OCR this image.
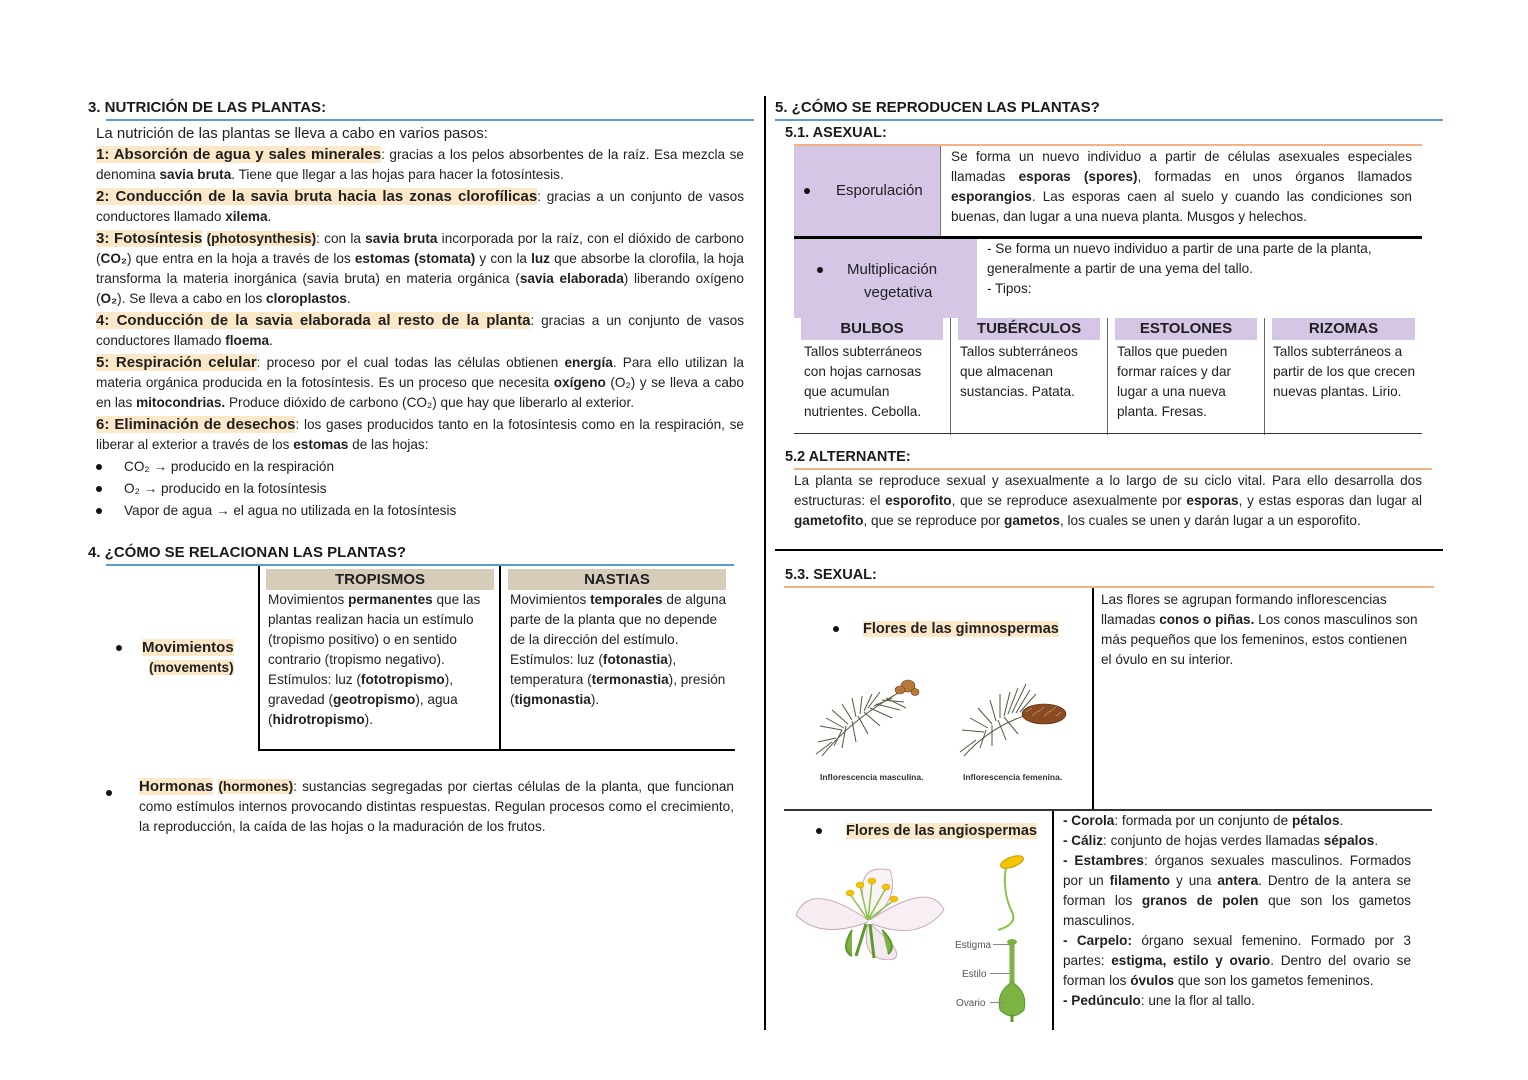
3. NUTRICIÓN DE LAS PLANTAS:
La nutrición de las plantas se lleva a cabo en varios pasos:
1: Absorción de agua y sales minerales: gracias a los pelos absorbentes de la raíz. Esa mezcla se denomina savia bruta. Tiene que llegar a las hojas para hacer la fotosíntesis.
2: Conducción de la savia bruta hacia las zonas clorofílicas: gracias a un conjunto de vasos conductores llamado xilema.
3: Fotosíntesis (photosynthesis): con la savia bruta incorporada por la raíz, con el dióxido de carbono (CO₂) que entra en la hoja a través de los estomas (stomata) y con la luz que absorbe la clorofila, la hoja transforma la materia inorgánica (savia bruta) en materia orgánica (savia elaborada) liberando oxígeno (O₂). Se lleva a cabo en los cloroplastos.
4: Conducción de la savia elaborada al resto de la planta: gracias a un conjunto de vasos conductores llamado floema.
5: Respiración celular: proceso por el cual todas las células obtienen energía. Para ello utilizan la materia orgánica producida en la fotosíntesis. Es un proceso que necesita oxígeno (O₂) y se lleva a cabo en las mitocondrias. Produce dióxido de carbono (CO₂) que hay que liberarlo al exterior.
6: Eliminación de desechos: los gases producidos tanto en la fotosíntesis como en la respiración, se liberar al exterior a través de los estomas de las hojas:
CO₂ → producido en la respiración
O₂ → producido en la fotosíntesis
Vapor de agua → el agua no utilizada en la fotosíntesis
4. ¿CÓMO SE RELACIONAN LAS PLANTAS?
Movimientos
(movements)
TROPISMOS	NASTIAS
Movimientos permanentes que las plantas realizan hacia un estímulo (tropismo positivo) o en sentido contrario (tropismo negativo).
Estímulos: luz (fototropismo), gravedad (geotropismo), agua (hidrotropismo).
Movimientos temporales de alguna parte de la planta que no depende de la dirección del estímulo.
Estímulos: luz (fotonastia), temperatura (termonastia), presión (tigmonastia).
Hormonas (hormones): sustancias segregadas por ciertas células de la planta, que funcionan como estímulos internos provocando distintas respuestas. Regulan procesos como el crecimiento, la reproducción, la caída de las hojas o la maduración de los frutos.
5. ¿CÓMO SE REPRODUCEN LAS PLANTAS?
5.1. ASEXUAL:
Esporulación
Se forma un nuevo individuo a partir de células asexuales especiales llamadas esporas (spores), formadas en unos órganos llamados esporangios. Las esporas caen al suelo y cuando las condiciones son buenas, dan lugar a una nueva planta. Musgos y helechos.
Multiplicación
vegetativa
- Se forma un nuevo individuo a partir de una parte de la planta, generalmente a partir de una yema del tallo.
- Tipos:
BULBOS
Tallos subterráneos con hojas carnosas que acumulan nutrientes. Cebolla.
TUBÉRCULOS
Tallos subterráneos que almacenan sustancias. Patata.
ESTOLONES
Tallos que pueden formar raíces y dar lugar a una nueva planta. Fresas.
RIZOMAS
Tallos subterráneos a partir de los que crecen nuevas plantas. Lirio.
5.2 ALTERNANTE:
La planta se reproduce sexual y asexualmente a lo largo de su ciclo vital. Para ello desarrolla dos estructuras: el esporofito, que se reproduce asexualmente por esporas, y estas esporas dan lugar al gametofito, que se reproduce por gametos, los cuales se unen y darán lugar a un esporofito.
5.3. SEXUAL:
Flores de las gimnospermas
Inflorescencia masculina.	Inflorescencia femenina.
Las flores se agrupan formando inflorescencias llamadas conos o piñas. Los conos masculinos son más pequeños que los femeninos, estos contienen el óvulo en su interior.
Flores de las angiospermas
Estigma
Estilo
Ovario
- Corola: formada por un conjunto de pétalos.
- Cáliz: conjunto de hojas verdes llamadas sépalos.
- Estambres: órganos sexuales masculinos. Formados por un filamento y una antera. Dentro de la antera se forman los granos de polen que son los gametos masculinos.
- Carpelo: órgano sexual femenino. Formado por 3 partes: estigma, estilo y ovario. Dentro del ovario se forman los óvulos que son los gametos femeninos.
- Pedúnculo: une la flor al tallo.
